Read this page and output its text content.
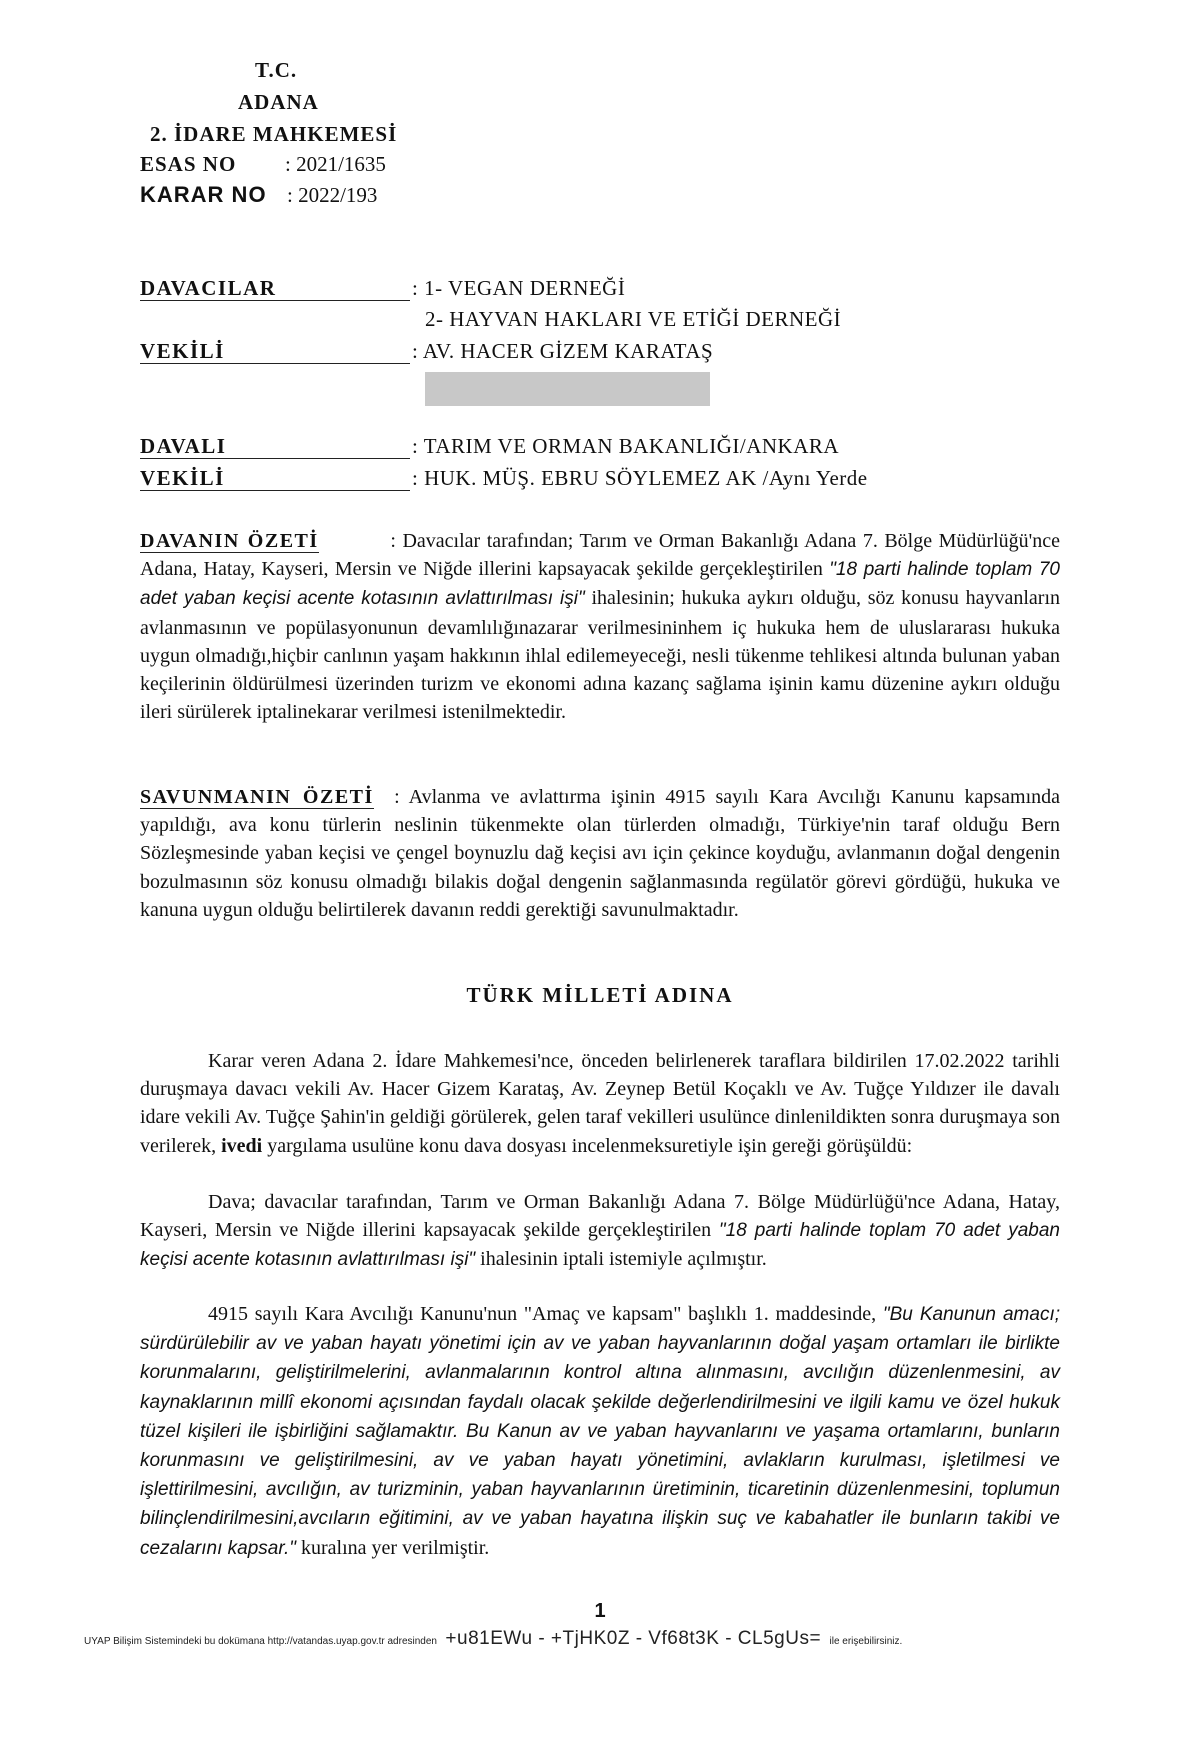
T.C.
ADANA
2. İDARE MAHKEMESİ
ESAS NO : 2021/1635
KARAR NO : 2022/193
DAVACILAR	: 1- VEGAN DERNEĞİ
2- HAYVAN HAKLARI VE ETİĞİ DERNEĞİ
VEKİLİ	: AV. HACER GİZEM KARATAŞ
DAVALI	: TARIM VE ORMAN BAKANLIĞI/ANKARA
VEKİLİ	: HUK. MÜŞ. EBRU SÖYLEMEZ AK /Aynı Yerde
DAVANIN ÖZETİ	: Davacılar tarafından; Tarım ve Orman Bakanlığı Adana 7. Bölge Müdürlüğü'nce Adana, Hatay, Kayseri, Mersin ve Niğde illerini kapsayacak şekilde gerçekleştirilen "18 parti halinde toplam 70 adet yaban keçisi acente kotasının avlattırılması işi" ihalesinin; hukuka aykırı olduğu, söz konusu hayvanların avlanmasının ve popülasyonunun devamlılığınazarar verilmesininhem iç hukuka hem de uluslararası hukuka uygun olmadığı,hiçbir canlının yaşam hakkının ihlal edilemeyeceği, nesli tükenme tehlikesi altında bulunan yaban keçilerinin öldürülmesi üzerinden turizm ve ekonomi adına kazanç sağlama işinin kamu düzenine aykırı olduğu ileri sürülerek iptalinekarar verilmesi istenilmektedir.
SAVUNMANIN ÖZETİ : Avlanma ve avlattırma işinin 4915 sayılı Kara Avcılığı Kanunu kapsamında yapıldığı, ava konu türlerin neslinin tükenmekte olan türlerden olmadığı, Türkiye'nin taraf olduğu Bern Sözleşmesinde yaban keçisi ve çengel boynuzlu dağ keçisi avı için çekince koyduğu, avlanmanın doğal dengenin bozulmasının söz konusu olmadığı bilakis doğal dengenin sağlanmasında regülatör görevi gördüğü, hukuka ve kanuna uygun olduğu belirtilerek davanın reddi gerektiği savunulmaktadır.
TÜRK MİLLETİ ADINA
Karar veren Adana 2. İdare Mahkemesi'nce, önceden belirlenerek taraflara bildirilen 17.02.2022 tarihli duruşmaya davacı vekili Av. Hacer Gizem Karataş, Av. Zeynep Betül Koçaklı ve Av. Tuğçe Yıldızer ile davalı idare vekili Av. Tuğçe Şahin'in geldiği görülerek, gelen taraf vekilleri usulünce dinlenildikten sonra duruşmaya son verilerek, ivedi yargılama usulüne konu dava dosyası incelenmeksuretiyle işin gereği görüşüldü:
Dava; davacılar tarafından, Tarım ve Orman Bakanlığı Adana 7. Bölge Müdürlüğü'nce Adana, Hatay, Kayseri, Mersin ve Niğde illerini kapsayacak şekilde gerçekleştirilen "18 parti halinde toplam 70 adet yaban keçisi acente kotasının avlattırılması işi" ihalesinin iptali istemiyle açılmıştır.
4915 sayılı Kara Avcılığı Kanunu'nun "Amaç ve kapsam" başlıklı 1. maddesinde, "Bu Kanunun amacı; sürdürülebilir av ve yaban hayatı yönetimi için av ve yaban hayvanlarının doğal yaşam ortamları ile birlikte korunmalarını, geliştirilmelerini, avlanmalarının kontrol altına alınmasını, avcılığın düzenlenmesini, av kaynaklarının millî ekonomi açısından faydalı olacak şekilde değerlendirilmesini ve ilgili kamu ve özel hukuk tüzel kişileri ile işbirliğini sağlamaktır. Bu Kanun av ve yaban hayvanlarını ve yaşama ortamlarını, bunların korunmasını ve geliştirilmesini, av ve yaban hayatı yönetimini, avlakların kurulması, işletilmesi ve işlettirilmesini, avcılığın, av turizminin, yaban hayvanlarının üretiminin, ticaretinin düzenlenmesini, toplumun bilinçlendirilmesini,avcıların eğitimini, av ve yaban hayatına ilişkin suç ve kabahatler ile bunların takibi ve cezalarını kapsar." kuralına yer verilmiştir.
1
UYAP Bilişim Sistemindeki bu dokümana http://vatandas.uyap.gov.tr adresinden +u81EWu - +TjHK0Z - Vf68t3K - CL5gUs= ile erişebilirsiniz.
